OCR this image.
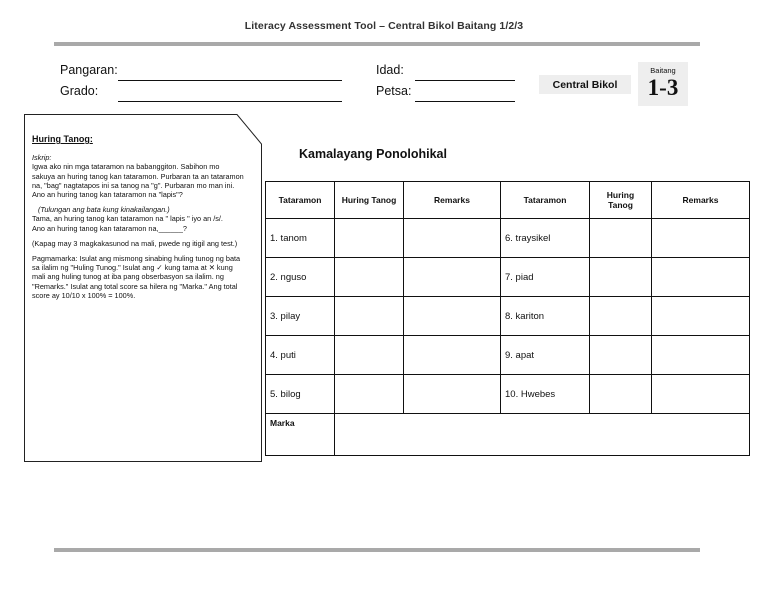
Literacy Assessment Tool – Central Bikol Baitang 1/2/3
Pangaran:
Grado:
Idad:
Petsa:	Central Bikol
Baitang
1-3

Huring Tanog:

Iskrip:

Igwa ako nin mga tataramon na babanggiton. Sabihon mo sakuya an huring tanog kan tataramon. Purbaran ta an tataramon na, "bag" nagtatapos ini sa tanog na "g". Purbaran mo man ini.

Ano an huring tanog kan tataramon na "lapis"?

(Tulungan ang bata kung kinakailangan.)

Tama, an huring tanog kan tataramon na " lapis " iyo an /s/.

Ano an huring tanog kan tataramon na,______?

(Kapag may 3 magkakasunod na mali, pwede ng itigil ang test.)

Pagmamarka: Isulat ang mismong sinabing huling tunog ng bata sa ilalim ng "Huling Tunog." Isulat ang ✓ kung tama at ✕ kung mali ang huling tunog at iba pang obserbasyon sa ilalim. ng "Remarks." Isulat ang total score sa hilera ng "Marka." Ang total score ay 10/10 x 100% = 100%.

Kamalayang Ponolohikal
Tataramon	Huring Tanog	Remarks	Tataramon	Huring Tanog	Remarks
1. tanom			6. traysikel		
2. nguso			7. piad		
3. pilay			8. kariton		
4. puti			9. apat		
5. bilog			10. Hwebes		
Marka					
